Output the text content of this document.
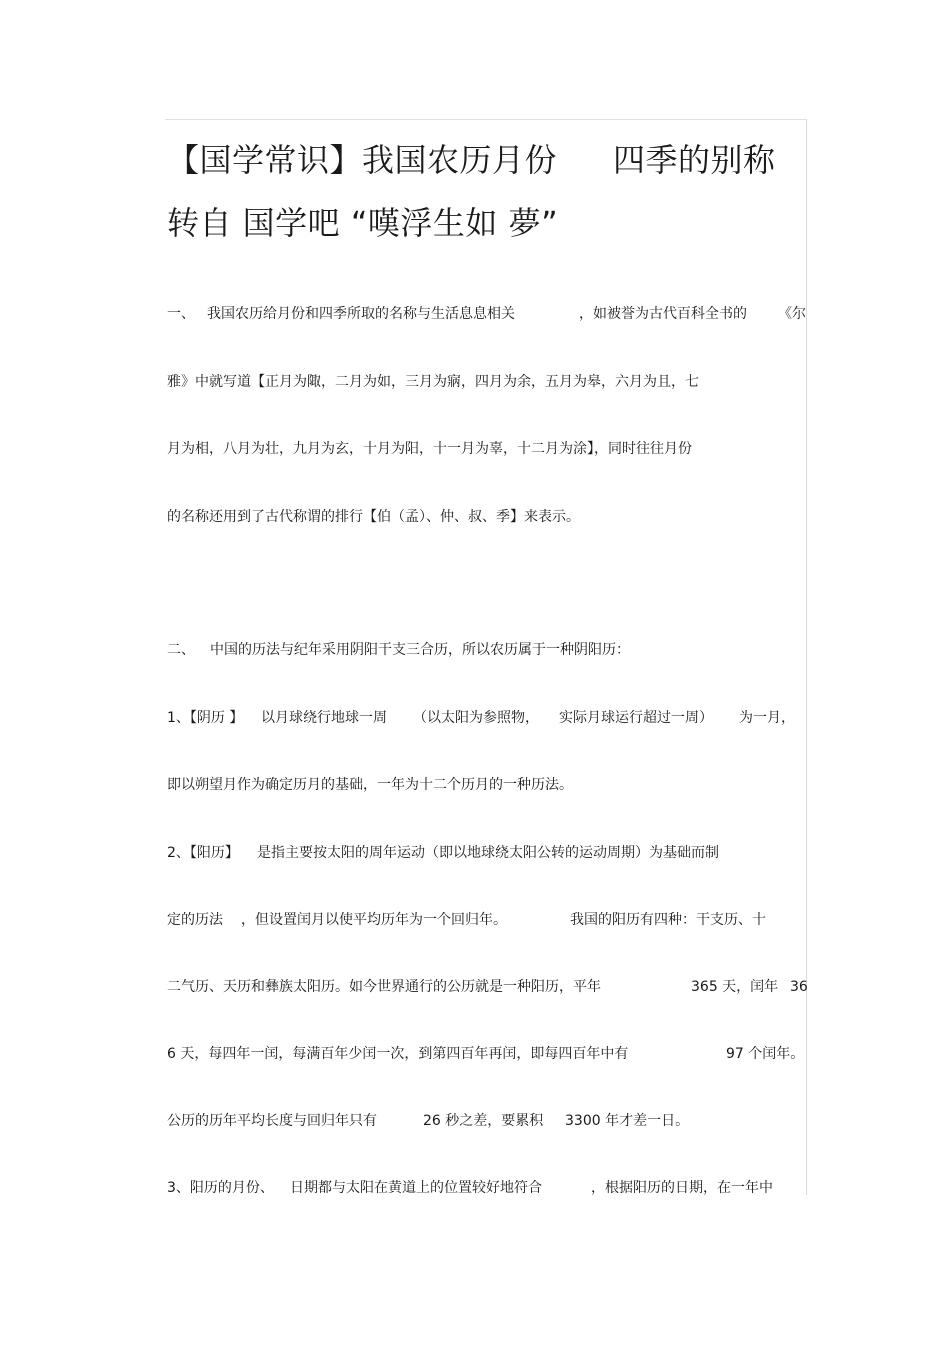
【国学常识】我国农历月份 四季的别称
转自 国学吧 “嘆浮生如 夢”
一、 我国农历给月份和四季所取的名称与生活息息相关	，如被誉为古代百科全书的 《尔
雅》中就写道【正月为陬，二月为如，三月为寎，四月为余，五月为皋，六月为且，七
月为相，八月为壮，九月为玄，十月为阳，十一月为辜，十二月为涂】，同时往往月份
的名称还用到了古代称谓的排行【伯（孟）、仲、叔、季】来表示。
二、 中国的历法与纪年采用阴阳干支三合历，所以农历属于一种阴阳历：
1、【阴历 】 以月球绕行地球一周 （以太阳为参照物， 实际月球运行超过一周） 为一月，
即以朔望月作为确定历月的基础，一年为十二个历月的一种历法。
2、【阳历】 是指主要按太阳的周年运动（即以地球绕太阳公转的运动周期）为基础而制
定的历法 ，但设置闰月以使平均历年为一个回归年。	我国的阳历有四种：干支历、十
二气历、天历和彝族太阳历。如今世界通行的公历就是一种阳历，平年	365 天，闰年 36
6 天，每四年一闰，每满百年少闰一次，到第四百年再闰，即每四百年中有	97 个闰年。
公历的历年平均长度与回归年只有	26 秒之差，要累积 3300 年才差一日。
3、阳历的月份、 日期都与太阳在黄道上的位置较好地符合	，根据阳历的日期，在一年中
